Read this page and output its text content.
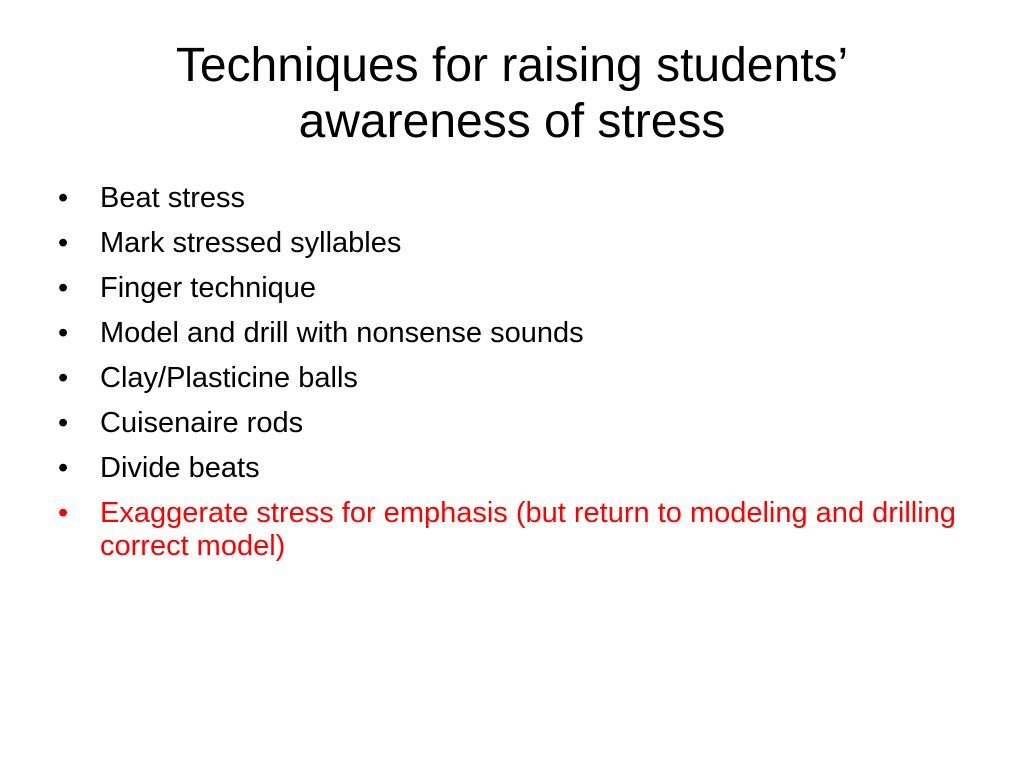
Techniques for raising students’
awareness of stress
• Beat stress
• Mark stressed syllables
• Finger technique
• Model and drill with nonsense sounds
• Clay/Plasticine balls
• Cuisenaire rods
• Divide beats
• Exaggerate stress for emphasis (but return to modeling and drilling correct model)
